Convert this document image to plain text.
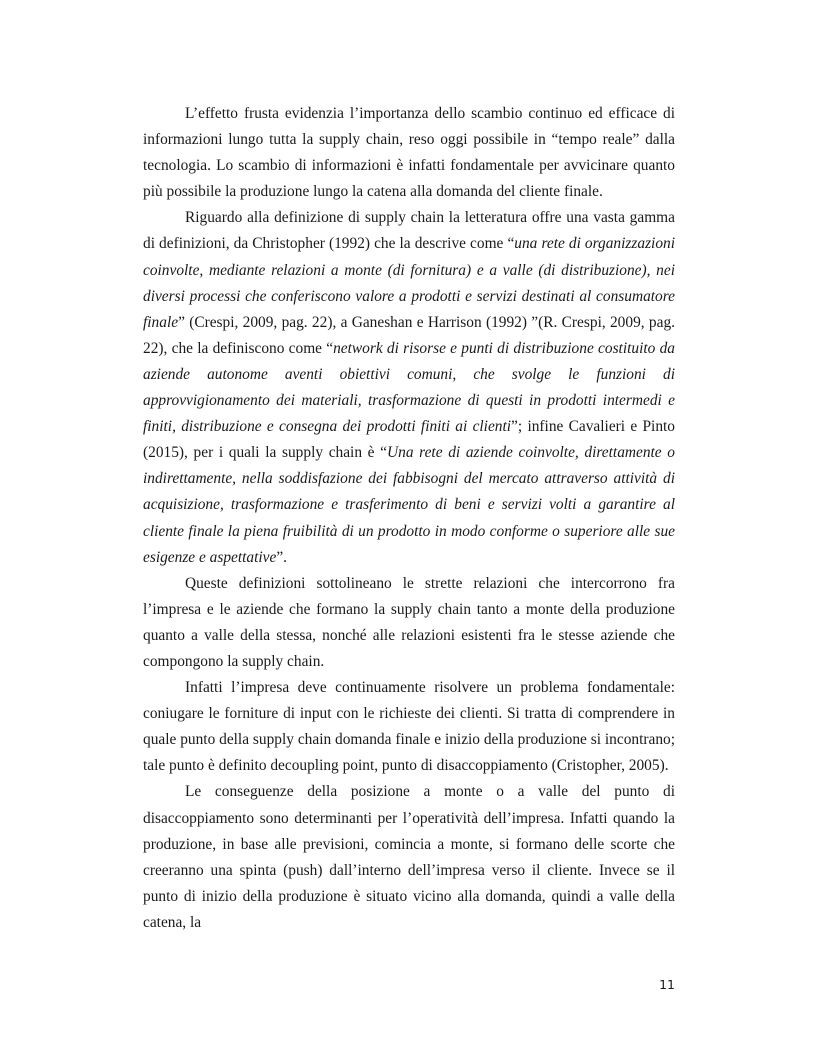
L’effetto frusta evidenzia l’importanza dello scambio continuo ed efficace di informazioni lungo tutta la supply chain, reso oggi possibile in “tempo reale” dalla tecnologia. Lo scambio di informazioni è infatti fondamentale per avvicinare quanto più possibile la produzione lungo la catena alla domanda del cliente finale.

Riguardo alla definizione di supply chain la letteratura offre una vasta gamma di definizioni, da Christopher (1992) che la descrive come “una rete di organizzazioni coinvolte, mediante relazioni a monte (di fornitura) e a valle (di distribuzione), nei diversi processi che conferiscono valore a prodotti e servizi destinati al consumatore finale” (Crespi, 2009, pag. 22), a Ganeshan e Harrison (1992) ”(R. Crespi, 2009, pag. 22), che la definiscono come “network di risorse e punti di distribuzione costituito da aziende autonome aventi obiettivi comuni, che svolge le funzioni di approvvigionamento dei materiali, trasformazione di questi in prodotti intermedi e finiti, distribuzione e consegna dei prodotti finiti ai clienti”; infine Cavalieri e Pinto (2015), per i quali la supply chain è “Una rete di aziende coinvolte, direttamente o indirettamente, nella soddisfazione dei fabbisogni del mercato attraverso attività di acquisizione, trasformazione e trasferimento di beni e servizi volti a garantire al cliente finale la piena fruibilità di un prodotto in modo conforme o superiore alle sue esigenze e aspettative”.

Queste definizioni sottolineano le strette relazioni che intercorrono fra l’impresa e le aziende che formano la supply chain tanto a monte della produzione quanto a valle della stessa, nonché alle relazioni esistenti fra le stesse aziende che compongono la supply chain.

Infatti l’impresa deve continuamente risolvere un problema fondamentale: coniugare le forniture di input con le richieste dei clienti. Si tratta di comprendere in quale punto della supply chain domanda finale e inizio della produzione si incontrano; tale punto è definito decoupling point, punto di disaccoppiamento (Cristopher, 2005).

Le conseguenze della posizione a monte o a valle del punto di disaccoppiamento sono determinanti per l’operatività dell’impresa. Infatti quando la produzione, in base alle previsioni, comincia a monte, si formano delle scorte che creeranno una spinta (push) dall’interno dell’impresa verso il cliente. Invece se il punto di inizio della produzione è situato vicino alla domanda, quindi a valle della catena, la

11
